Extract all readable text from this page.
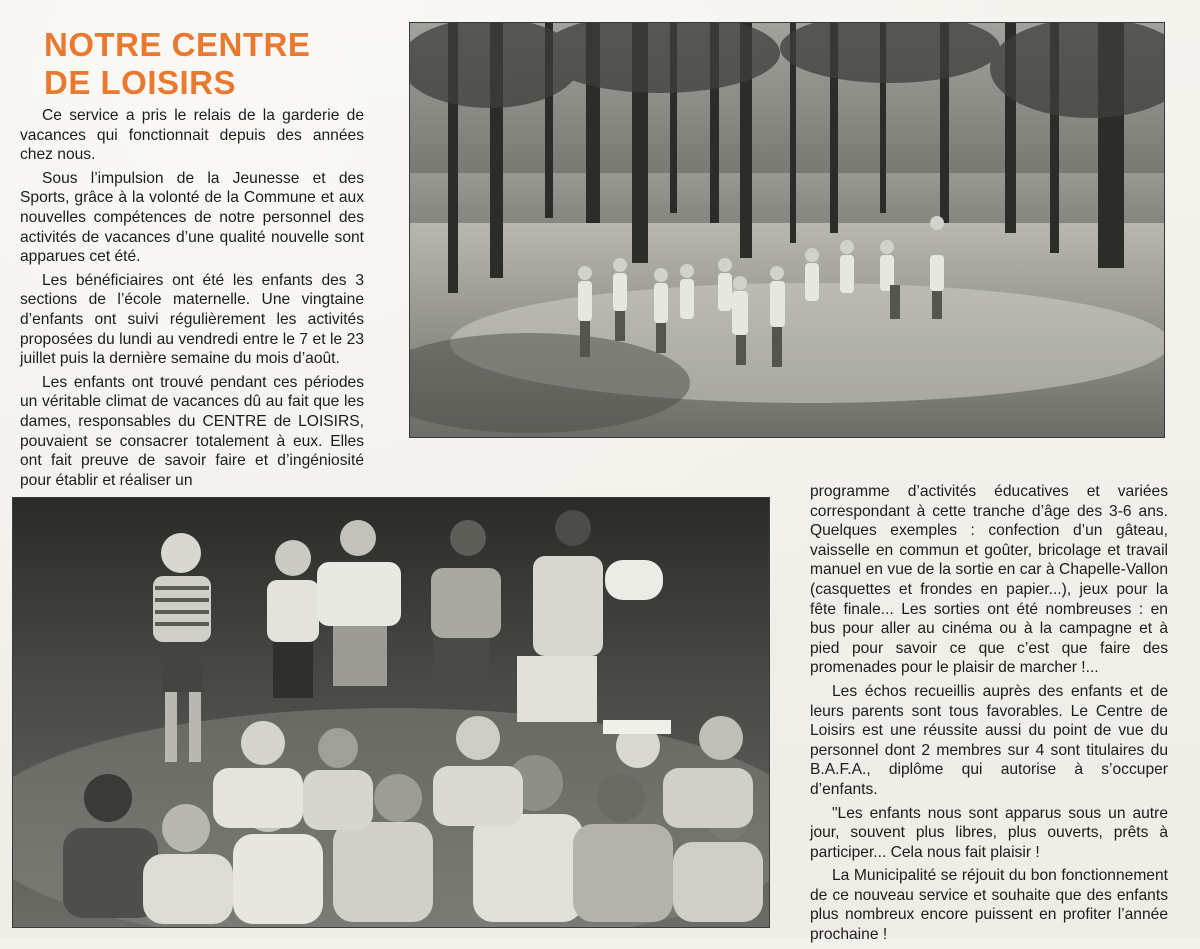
NOTRE CENTRE
DE LOISIRS

Ce service a pris le relais de la garderie de vacances qui fonctionnait depuis des années chez nous.

Sous l’impulsion de la Jeunesse et des Sports, grâce à la volonté de la Commune et aux nouvelles compétences de notre personnel des activités de vacances d’une qualité nouvelle sont apparues cet été.

Les bénéficiaires ont été les enfants des 3 sections de l’école maternelle. Une vingtaine d’enfants ont suivi régulièrement les activités proposées du lundi au vendredi entre le 7 et le 23 juillet puis la dernière semaine du mois d’août.

Les enfants ont trouvé pendant ces périodes un véritable climat de vacances dû au fait que les dames, responsables du CENTRE de LOISIRS, pouvaient se consacrer totalement à eux. Elles ont fait preuve de savoir faire et d’ingéniosité pour établir et réaliser un

programme d’activités éducatives et variées correspondant à cette tranche d’âge des 3-6 ans. Quelques exemples : confection d’un gâteau, vaisselle en commun et goûter, bricolage et travail manuel en vue de la sortie en car à Chapelle-Vallon (casquettes et frondes en papier...), jeux pour la fête finale... Les sorties ont été nombreuses : en bus pour aller au cinéma ou à la campagne et à pied pour savoir ce que c’est que faire des promenades pour le plaisir de marcher !...

Les échos recueillis auprès des enfants et de leurs parents sont tous favorables. Le Centre de Loisirs est une réussite aussi du point de vue du personnel dont 2 membres sur 4 sont titulaires du B.A.F.A., diplôme qui autorise à s’occuper d’enfants.

"Les enfants nous sont apparus sous un autre jour, souvent plus libres, plus ouverts, prêts à participer... Cela nous fait plaisir !

La Municipalité se réjouit du bon fonctionnement de ce nouveau service et souhaite que des enfants plus nombreux encore puissent en profiter l’année prochaine !
